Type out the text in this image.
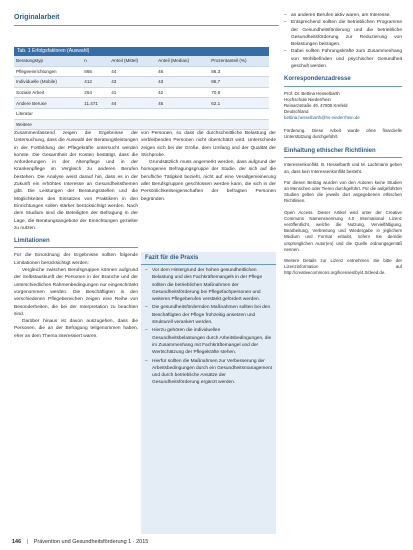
Originalarbeit
Tab. 1 Erfolgsfaktoren (Auswahl)
Beratungstyp	n	Anteil (Mittel)	Anteil (Median)	Prozentanteil (%)
Pflegeeinrichtungen	866	44	46	86,3
Individuelle (Mobile)	412	43	43	86,7
Soziale Arbeit	264	41	42	70,8
Andere Beruse	11.471	44	45	62,1
Literatur				
Weitere				

Zusammenfassend zeigen die Ergebnisse der Untersuchung, dass die Auswahl der Beratungsleistungen in der Fortbildung der Pflegekräfte untersucht werden konnte. Die Gesamtheit der Kosten bestätigt, dass die Anforderungen in der Altenpflege und in der Krankenpflege im Vergleich zu anderen Berufen bestehen. Die Analyse weist darauf hin, dass es in der Zukunft ein erhöhtes Interesse an Gesundheitsthemen gibt. Die Leistungen der Beratungsstellen und die Möglichkeiten des Einsatzes von Praktikern in den Einrichtungen sollen stärker berücksichtigt werden. Nach dem Studium sind die Beteiligten der Befragung in der Lage, die Beratungsangebote der Einrichtungen gezielter zu nutzen.

Limitationen

Für die Einordnung der Ergebnisse sollten folgende Limitationen berücksichtigt werden:

Vergleiche zwischen Berufsgruppen können aufgrund der Selbstauskunft der Personen in der Branche und der unterschiedlichen Rahmenbedingungen nur eingeschränkt vorgenommen werden. Die Beschäftigten in den verschiedenen Pflegebereichen zeigen eine Reihe von Besonderheiten, die bei der Interpretation zu beachten sind.

Darüber hinaus ist davon auszugehen, dass die Personen, die an der Befragung teilgenommen haben, eher an dem Thema interessiert waren.

von Personen, so dass die durchschnittliche Belastung der verbleibenden Personen nicht überschätzt wird. Unterschiede zeigen sich bei der Größe, dem Umfang und der Qualität der Stichprobe.

Grundsätzlich muss angemerkt werden, dass aufgrund der homogenen Befragungsgruppe der Studie, der sich auf die berufliche Tätigkeit bezieht, nicht auf eine Verallgemeinerung aller Berufsgruppen geschlossen werden kann, die sich in der Persönlichkeitseigenschaften der befragten Personen begründen.

Fazit für die Praxis
– Vor dem Hintergrund der hohen gesundheitlichen Belastung und des Fachkräftemangels in der Pflege sollten die betrieblichen Maßnahmen der Gesundheitsförderung bei Pflegefachpersonen und weiteren Pflegeberufen verstärkt gefördert werden.
– Die gesundheitsfördernden Maßnahmen sollten bei den Beschäftigten der Pflege frühzeitig ansetzen und strukturell verankert werden.
– Hierzu gehören die individuellen Gesundheitsbelastungen durch Arbeitsbedingungen, die im Zusammenhang mit Fachkräftemangel und der Wertschätzung der Pflegekräfte stehen.
– Hierfür sollten die Maßnahmen zur Verbesserung der Arbeitsbedingungen durch ein Gesundheitsmanagement und durch betriebliche Ansätze der Gesundheitsförderung ergänzt werden.
– an anderen Berufen aktiv waren, am Interesse.
– Entsprechend sollten die betrieblichen Programme der Gesundheitsförderung und die betriebliche Gesundheitsförderung zur Reduzierung von Belastungen beitragen.
– Dabei sollten Führungskräfte zum Zusammenhang von Wohlbefinden und psychischer Gesundheit geschult werden.
Korrespondenzadresse
Prof. Dr. Bettina Hesselbarth
Hochschule Niederrhein
Reinarzstraße 49, 47805 Krefeld
Deutschland
bettina.hesselbarth@hs-niederrhein.de

Förderung. Diese Arbeit wurde ohne finanzielle Unterstützung durchgeführt.

Einhaltung ethischer Richtlinien

Interessenkonflikt. B. Hesselbarth und M. Lachmann geben an, dass kein Interessenkonflikt besteht.

Für diesen Beitrag wurden von den Autoren keine Studien an Menschen oder Tieren durchgeführt. Für die aufgeführten Studien gelten die jeweils dort angegebenen ethischen Richtlinien.

Open Access. Dieser Artikel wird unter der Creative Commons Namensnennung 4.0 International Lizenz veröffentlicht, welche die Nutzung, Vervielfältigung, Bearbeitung, Verbreitung und Wiedergabe in jeglichem Medium und Format erlaubt, sofern Sie den/die ursprünglichen Autor(en) und die Quelle ordnungsgemäß nennen.

Weitere Details zur Lizenz entnehmen Sie bitte der Lizenzinformation auf http://creativecommons.org/licenses/by/4.0/deed.de.

146 | Prävention und Gesundheitsförderung 1 · 2015
